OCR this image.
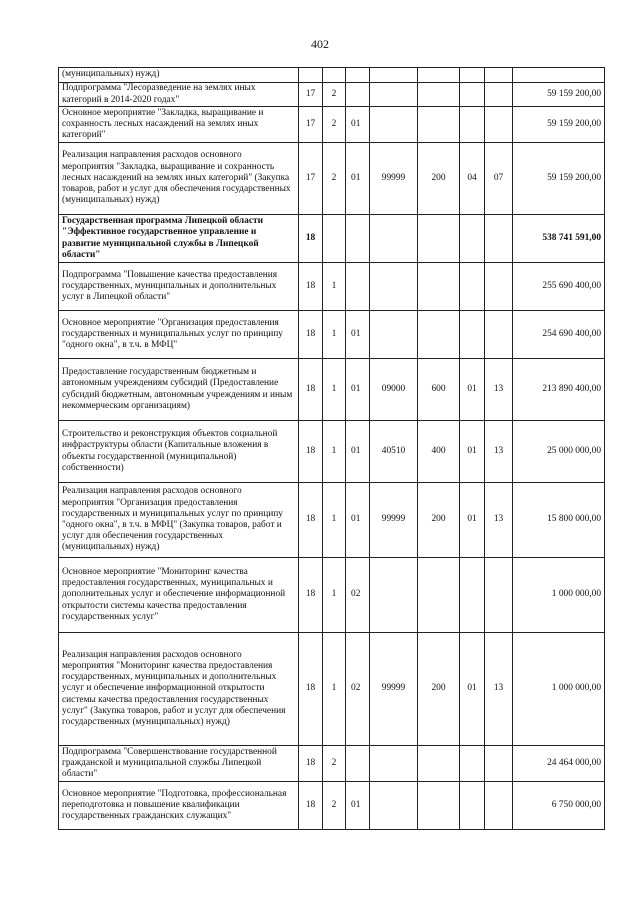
402
(муниципальных) нужд)								
Подпрограмма "Лесоразведение на землях иных категорий в 2014-2020 годах"	17	2						59 159 200,00
Основное мероприятие "Закладка, выращивание и сохранность лесных насаждений на землях иных категорий"	17	2	01					59 159 200,00
Реализация направления расходов основного мероприятия "Закладка, выращивание и сохранность лесных насаждений на землях иных категорий" (Закупка товаров, работ и услуг для обеспечения государственных (муниципальных) нужд)	17	2	01	99999	200	04	07	59 159 200,00
Государственная программа Липецкой области "Эффективное государственное управление и развитие муниципальной службы в Липецкой области"	18							538 741 591,00
Подпрограмма "Повышение качества предоставления государственных, муниципальных и дополнительных услуг в Липецкой области"	18	1						255 690 400,00
Основное мероприятие "Организация предоставления государственных и муниципальных услуг по принципу "одного окна", в т.ч. в МФЦ"	18	1	01					254 690 400,00
Предоставление государственным бюджетным и автономным учреждениям субсидий (Предоставление субсидий бюджетным, автономным учреждениям и иным некоммерческим организациям)	18	1	01	09000	600	01	13	213 890 400,00
Строительство и реконструкция объектов социальной инфраструктуры области (Капитальные вложения в объекты государственной (муниципальной) собственности)	18	1	01	40510	400	01	13	25 000 000,00
Реализация направления расходов основного мероприятия "Организация предоставления государственных и муниципальных услуг по принципу "одного окна", в т.ч. в МФЦ" (Закупка товаров, работ и услуг для обеспечения государственных (муниципальных) нужд)	18	1	01	99999	200	01	13	15 800 000,00
Основное мероприятие "Мониторинг качества предоставления государственных, муниципальных и дополнительных услуг и обеспечение информационной открытости системы качества предоставления государственных услуг"	18	1	02					1 000 000,00
Реализация направления расходов основного мероприятия "Мониторинг качества предоставления государственных, муниципальных и дополнительных услуг и обеспечение информационной открытости системы качества предоставления государственных услуг" (Закупка товаров, работ и услуг для обеспечения государственных (муниципальных) нужд)	18	1	02	99999	200	01	13	1 000 000,00
Подпрограмма "Совершенствование государственной гражданской и муниципальной службы Липецкой области"	18	2						24 464 000,00
Основное мероприятие "Подготовка, профессиональная переподготовка и повышение квалификации государственных гражданских служащих"	18	2	01					6 750 000,00
